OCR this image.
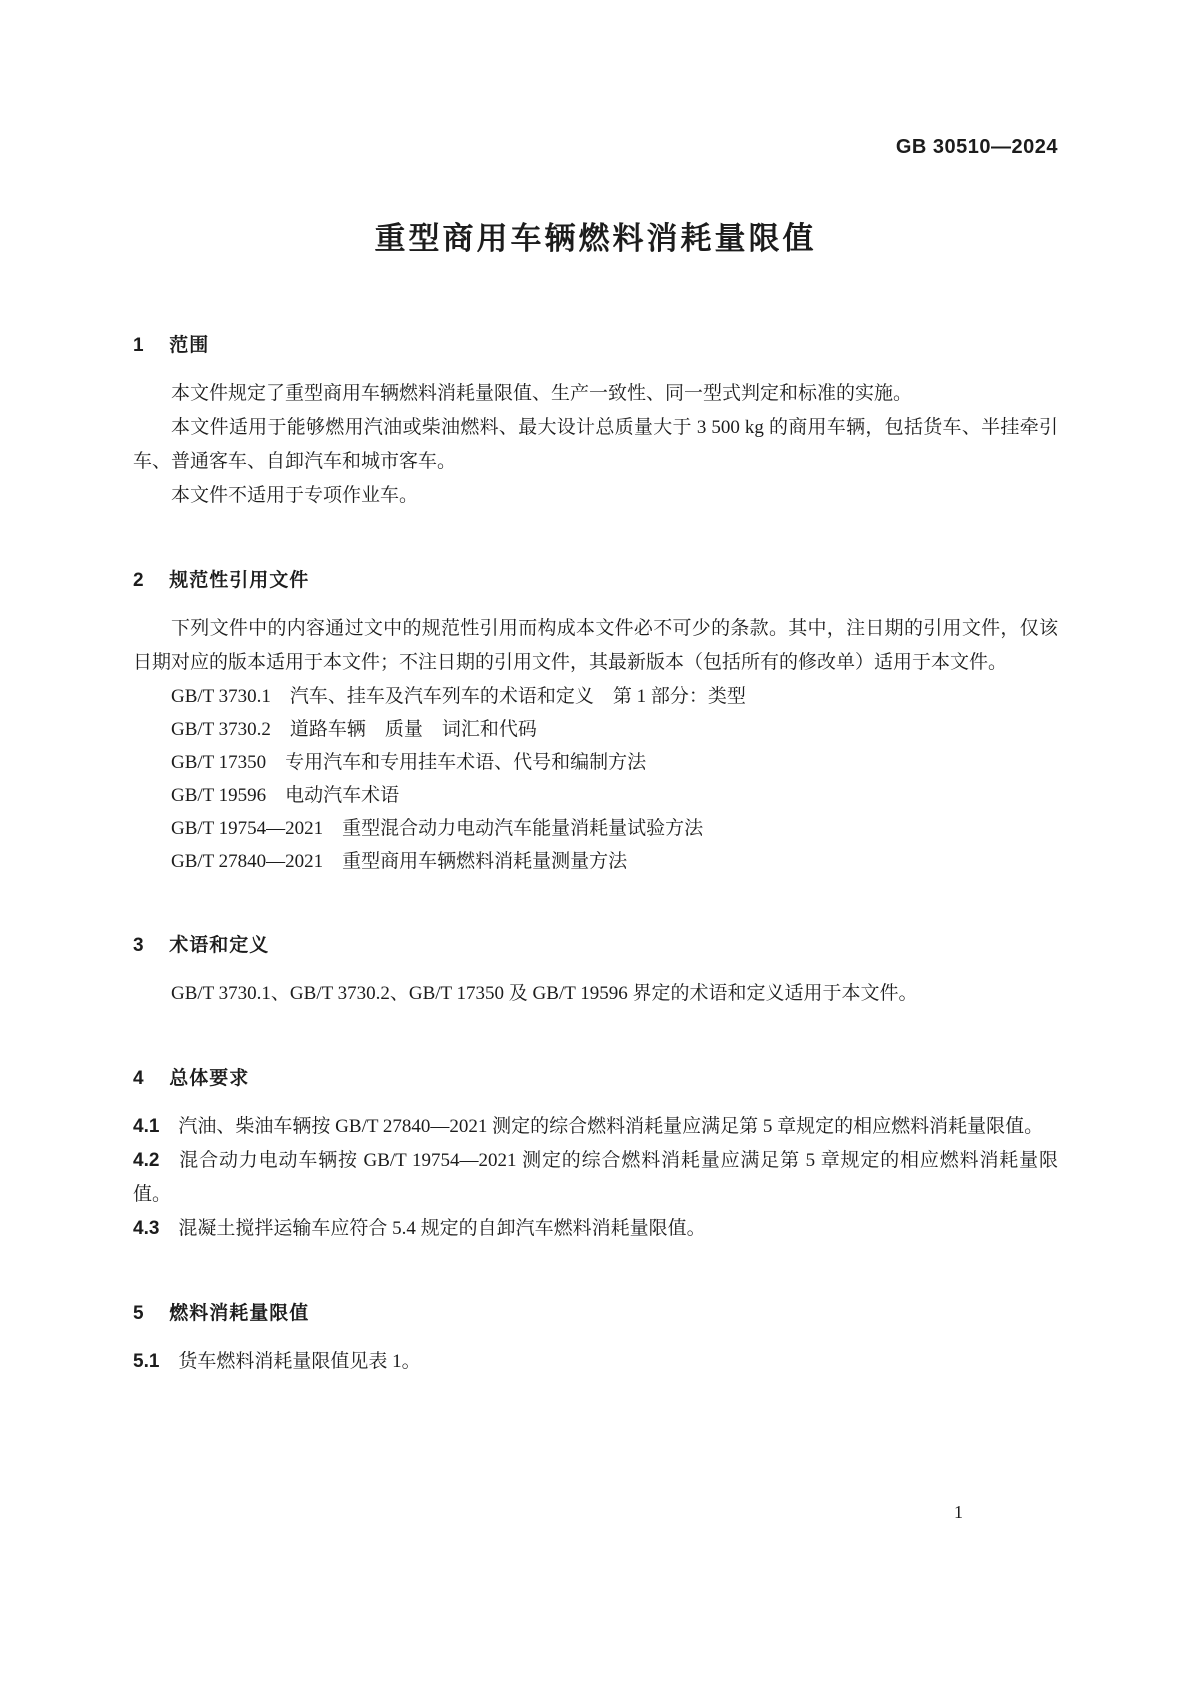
GB 30510—2024
重型商用车辆燃料消耗量限值
1 范围

本文件规定了重型商用车辆燃料消耗量限值、生产一致性、同一型式判定和标准的实施。

本文件适用于能够燃用汽油或柴油燃料、最大设计总质量大于 3 500 kg 的商用车辆，包括货车、半挂牵引车、普通客车、自卸汽车和城市客车。

本文件不适用于专项作业车。

2 规范性引用文件

下列文件中的内容通过文中的规范性引用而构成本文件必不可少的条款。其中，注日期的引用文件，仅该日期对应的版本适用于本文件；不注日期的引用文件，其最新版本（包括所有的修改单）适用于本文件。

GB/T 3730.1　汽车、挂车及汽车列车的术语和定义　第 1 部分：类型

GB/T 3730.2　道路车辆　质量　词汇和代码

GB/T 17350　专用汽车和专用挂车术语、代号和编制方法

GB/T 19596　电动汽车术语

GB/T 19754—2021　重型混合动力电动汽车能量消耗量试验方法

GB/T 27840—2021　重型商用车辆燃料消耗量测量方法

3 术语和定义

GB/T 3730.1、GB/T 3730.2、GB/T 17350 及 GB/T 19596 界定的术语和定义适用于本文件。

4 总体要求

4.1 汽油、柴油车辆按 GB/T 27840—2021 测定的综合燃料消耗量应满足第 5 章规定的相应燃料消耗量限值。

4.2 混合动力电动车辆按 GB/T 19754—2021 测定的综合燃料消耗量应满足第 5 章规定的相应燃料消耗量限值。

4.3 混凝土搅拌运输车应符合 5.4 规定的自卸汽车燃料消耗量限值。

5 燃料消耗量限值

5.1 货车燃料消耗量限值见表 1。

1
